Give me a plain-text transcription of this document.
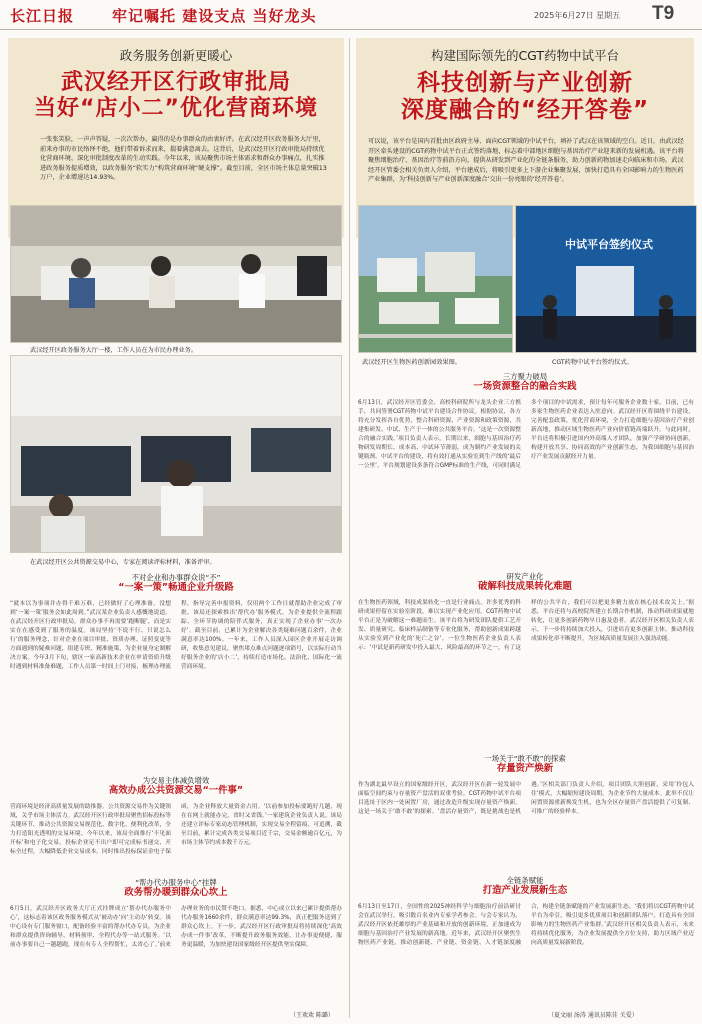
长江日报	牢记嘱托 建设支点 当好龙头	2025年6月27日 星期五 T9
政务服务创新更暖心
武汉经开区行政审批局
当好“店小二”优化营商环境
一张张笑脸，一声声答疑，一次次帮办，赢得的是办事群众的由衷好评。在武汉经开区政务服务大厅里，前来办事的市民络绎不绝，他们带着诉求而来，揣着满意离去。这背后，是武汉经开区行政审批局持续优化营商环境、深化审批制度改革的生动实践。今年以来，该局聚焦市场主体需求和群众办事痛点，扎实推进政务服务提质增效，以政务服务“软实力”构筑营商环境“硬支撑”。截至目前，全区市场主体总量突破13万户，企业增速达14.93%。
武汉经开区政务服务大厅一楼，工作人员在为市民办理业务。
在武汉经开区公共资源交易中心，专家在阅读评标材料，准备评审。
不对企业和办事群众说“不”
“一案一策”畅通企业升级路
“就本以为事项并办得千难万难，已经做好了心理准备，没想到‘一案一策’服务会如此周到。”武汉某企业负责人感慨地说道。在武汉经开区行政审批局，群众办事不再需要‘跑断腿’，而是实实在在感受到了服务的温度。该局坚持‘不说不行、只说怎么行’的服务理念，针对企业在项目审批、资质办理、证照变更等方面遇到的疑难问题，组建专班、精准施策，为企业量身定制解决方案。今年3月下旬，辖区一家高新技术企业在申请资质升级时遇到材料准备难题，工作人员第一时间上门对接，梳理办理流程，指导完善申报资料，仅用两个工作日就帮助企业完成了审批。该局还探索推出‘帮代办’服务模式，为企业提供全流程跟踪、全环节协调的陪伴式服务，真正实现了企业办事‘一次办好’。截至目前，已累计为企业解决各类疑难问题百余件，企业满意率达100%。一年来，工作人员深入园区企业开展走访调研，收集意见建议，聚焦堵点难点问题逐项销号，以实际行动当好服务企业的‘店小二’，持续打造市场化、法治化、国际化一流营商环境。
为交易主体减负增效
高效办成公共资源交易“一件事”
营商环境是经济高质量发展的助推器。公共资源交易作为关键领域，关乎市场主体活力。武汉经开区行政审批局聚焦招标投标等关键环节，推动公共资源交易规范化、数字化、便利化改革，全力打造阳光透明的交易环境。今年以来，该局全面推行‘不见面开标’和电子化交易，投标企业足不出户即可完成标书递交、开标全过程，大幅降低企业交易成本。同时推出投标保证金电子保函，为企业释放大量资金占用。‘以前参加投标要跑好几趟，现在在网上就能办完，省时又省钱。’一家建筑企业负责人说。该局还建立评标专家动态管理机制，实现交易全程留痕、可追溯，截至目前，累计完成各类交易项目近千宗，交易金额逾百亿元，为市场主体节约成本数千万元。
“帮办代办服务中心”挂牌
政务帮办暖到群众心坎上
6月5日，武汉经开区政务大厅正式挂牌成立‘帮办代办服务中心’，这标志着该区政务服务模式从‘被动办’向‘主动办’转变。该中心设有专门服务窗口，配备经验丰富的帮办代办专员，为企业和群众提供咨询辅导、材料预审、全程代办等一站式服务。‘以前办事要自己一趟趟跑，现在有专人全程帮忙，太省心了。’前来办理业务的市民赞不绝口。据悉，中心成立以来已累计提供帮办代办服务1660余件，群众满意率达99.3%，真正把服务送到了群众心坎上。下一步，武汉经开区行政审批局将持续深化‘高效办成一件事’改革，不断提升政务服务效能，让办事更便捷、服务更温暖，为加快建设国家级经开区提供坚实保障。
（王欢欢 陈璐）
构建国际领先的CGT药物中试平台
科技创新与产业创新
深度融合的“经开答卷”
可以说，该平台是国内首批由区政府主导、面向CGT领域的中试平台，填补了武汉在该领域的空白。近日，由武汉经开区牵头建设的CGT药物中试平台正式签约落地，标志着中部地区细胞与基因治疗产业迎来新的发展机遇。该平台将聚焦细胞治疗、基因治疗等前沿方向，提供从研发到产业化的全链条服务，助力创新药物加速走向临床和市场。武汉经开区管委会相关负责人介绍，平台建成后，将吸引更多上下游企业集聚发展，加快打造具有全国影响力的生物医药产业集群，为‘科技创新与产业创新深度融合’交出一份亮眼的‘经开答卷’。
中试平台签约仪式
武汉经开区生物医药创新园效果图。	CGT药物中试平台签约仪式。
三方聚力破局
一场资源整合的融合实践
6月13日，武汉经开区管委会、高校科研院所与龙头企业三方携手，共同签署CGT药物中试平台建设合作协议。根据协议，各方将充分发挥各自优势，整合科研资源、产业资源和政策资源，共建集研发、中试、生产于一体的公共服务平台。‘这是一次资源整合的融合实践。’项目负责人表示，长期以来，细胞与基因治疗药物研发周期长、成本高、中试环节薄弱，成为制约产业发展的关键瓶颈。中试平台的建设，将有效打通从实验室到生产线的‘最后一公里’。平台规划建设多条符合GMP标准的生产线，可同时满足多个项目的中试需求，预计每年可服务企业数十家。目前，已有多家生物医药企业表达入驻意向。武汉经开区将围绕平台建设，完善配套政策，优化营商环境，全力打造细胞与基因治疗产业创新高地，推动区域生物医药产业向价值链高端跃升。与此同时，平台还将积极引进国内外高端人才团队，加强产学研协同创新，构建开放共享、协同高效的产业创新生态，为我国细胞与基因治疗产业发展贡献经开力量。
研发产业化
破解科技成果转化难题
在生物医药领域，科技成果转化一直是行业痛点。许多优秀的科研成果停留在实验室阶段，难以实现产业化应用。CGT药物中试平台正是为破解这一难题而生。该平台将为研发团队提供工艺开发、质量研究、临床样品制备等专业化服务，帮助创新成果跨越从实验室到产业化的‘死亡之谷’。一位生物医药企业负责人表示：‘中试是新药研发中投入最大、风险最高的环节之一，有了这样的公共平台，我们可以把更多精力放在核心技术攻关上。’据悉，平台还将与高校院所建立长期合作机制，推动科研成果就地转化，让更多创新药物早日惠及患者。武汉经开区相关负责人表示，下一步将持续加大投入，引进培育更多创新主体，推动科技成果转化率不断提升，为区域高质量发展注入强劲动能。
一场关于“敢不敢”的探索
存量资产焕新
作为湖北最早设立的国家级经开区，武汉经开区在新一轮发展中面临空间约束与存量资产盘活的双重考验。CGT药物中试平台项目选址于区内一处闲置厂房，通过改造升级实现存量资产焕新。这是一场关于‘敢不敢’的探索。‘盘活存量资产，既是挑战也是机遇。’区相关部门负责人介绍，项目团队大胆创新，采用‘拎包入住’模式，大幅缩短建设周期，为企业节约大量成本。此举不仅让闲置资源重新焕发生机，也为全区存量资产盘活提供了可复制、可推广的经验样本。
全链条赋能
打造产业发展新生态
6月13日至17日，全国性的2025神经科学与细胞治疗前沿研讨会在武汉举行，吸引数百名业内专家学者参会。与会专家认为，武汉经开区依托雄厚的产业基础和开放的创新环境，正加速成为细胞与基因治疗产业发展的新高地。近年来，武汉经开区聚焦生物医药产业链，推动创新链、产业链、资金链、人才链深度融合，构建全链条赋能的产业发展新生态。‘我们将以CGT药物中试平台为牵引，吸引更多优质项目和创新团队落户，打造具有全国影响力的生物医药产业集群。’武汉经开区相关负责人表示，未来将持续优化服务，为企业发展提供全方位支持，助力区域产业迈向高质量发展新阶段。
（夏文丽 汤涛 通讯员陈佳 关爱）
